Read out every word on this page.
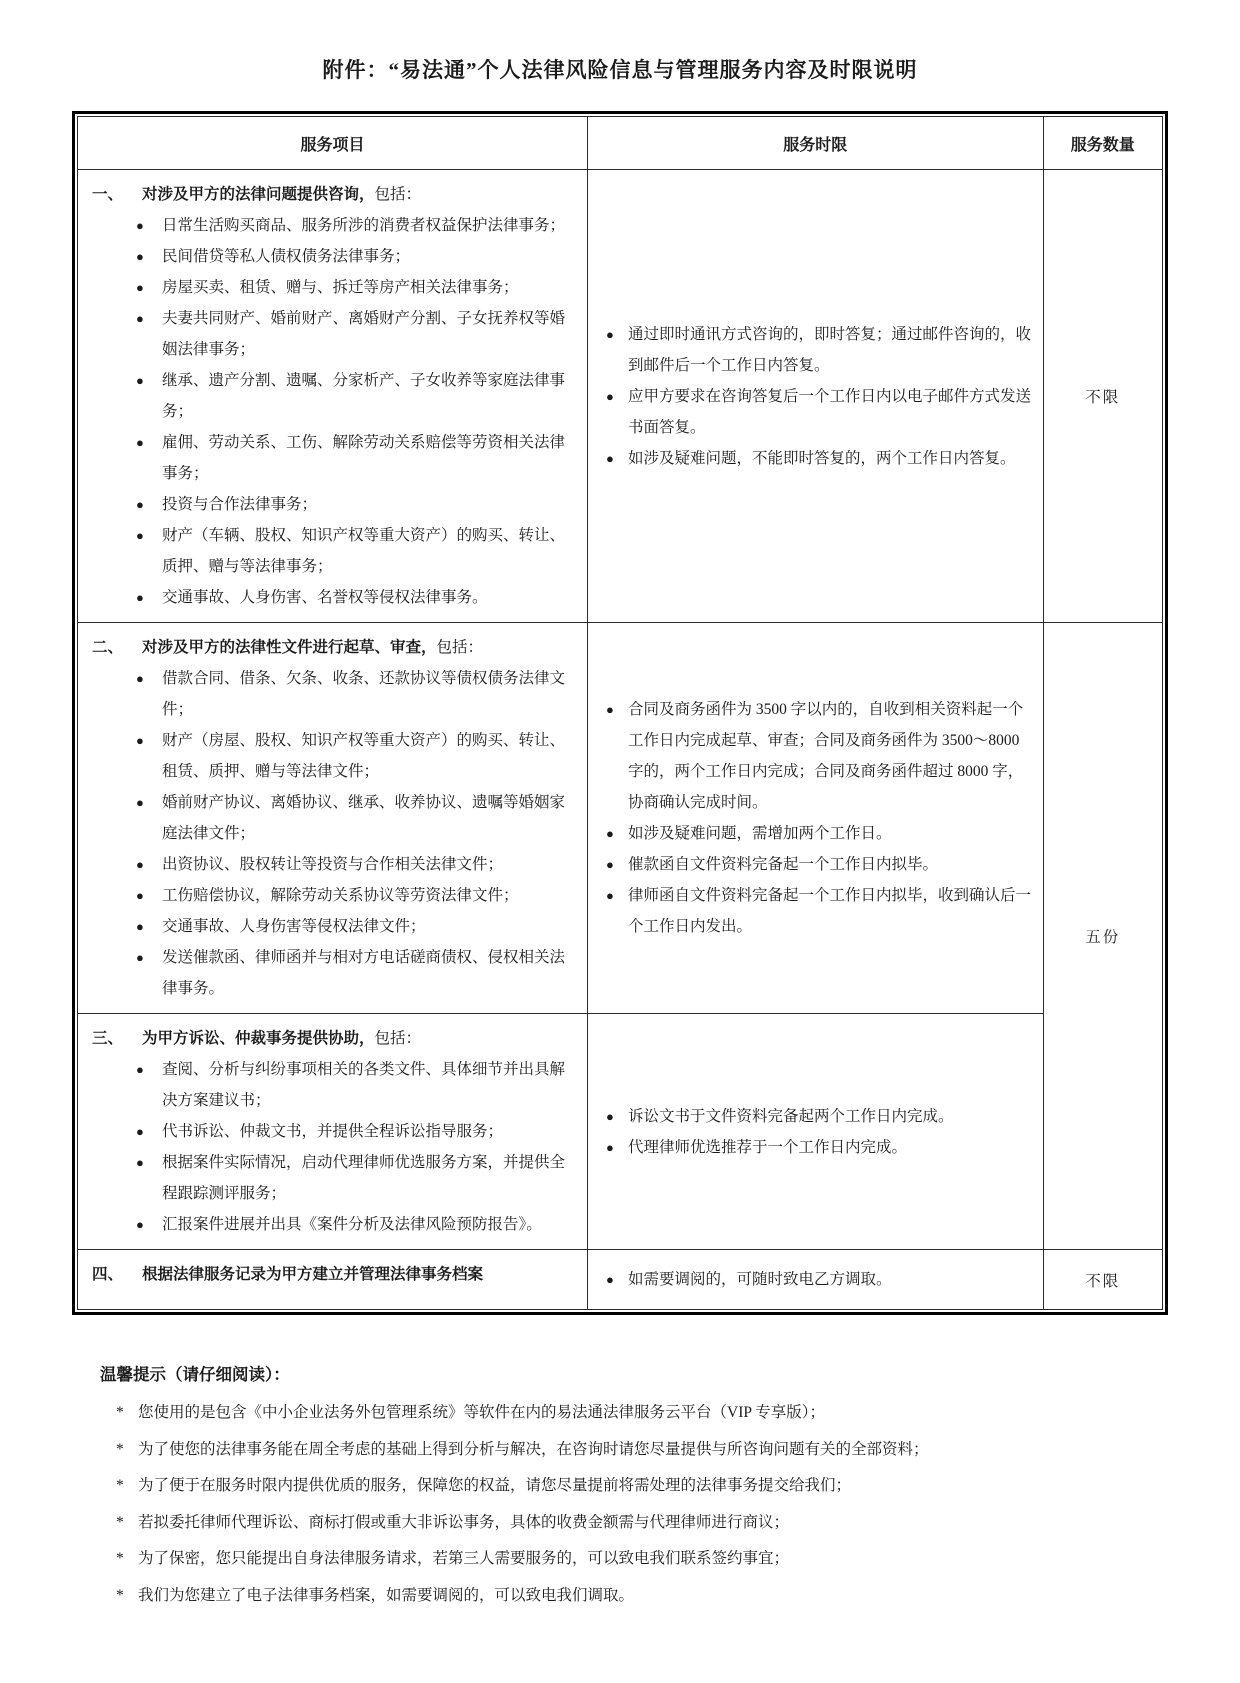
附件：“易法通”个人法律风险信息与管理服务内容及时限说明
服务项目	服务时限	服务数量

一、	对涉及甲方的法律问题提供咨询， 包括：
●	日常生活购买商品、服务所涉的消费者权益保护法律事务；
●	民间借贷等私人债权债务法律事务；
●	房屋买卖、租赁、赠与、拆迁等房产相关法律事务；
●	夫妻共同财产、婚前财产、离婚财产分割、子女抚养权等婚姻法律事务；
●	继承、遗产分割、遗嘱、分家析产、子女收养等家庭法律事务；
●	雇佣、劳动关系、工伤、解除劳动关系赔偿等劳资相关法律事务；
●	投资与合作法律事务；
●	财产（车辆、股权、知识产权等重大资产）的购买、转让、质押、赠与等法律事务；
●	交通事故、人身伤害、名誉权等侵权法律事务。

● 通过即时通讯方式咨询的，即时答复；通过邮件咨询的，收到邮件后一个工作日内答复。
● 应甲方要求在咨询答复后一个工作日内以电子邮件方式发送书面答复。
● 如涉及疑难问题，不能即时答复的，两个工作日内答复。
	不限

二、	对涉及甲方的法律性文件进行起草、审查， 包括：
●	借款合同、借条、欠条、收条、还款协议等债权债务法律文件；
●	财产（房屋、股权、知识产权等重大资产）的购买、转让、租赁、质押、赠与等法律文件；
●	婚前财产协议、离婚协议、继承、收养协议、遗嘱等婚姻家庭法律文件；
●	出资协议、股权转让等投资与合作相关法律文件；
●	工伤赔偿协议，解除劳动关系协议等劳资法律文件；
●	交通事故、人身伤害等侵权法律文件；
●	发送催款函、律师函并与相对方电话磋商债权、侵权相关法律事务。

● 合同及商务函件为 3500 字以内的，自收到相关资料起一个工作日内完成起草、审查；合同及商务函件为 3500～8000 字的，两个工作日内完成；合同及商务函件超过 8000 字，协商确认完成时间。
● 如涉及疑难问题，需增加两个工作日。
● 催款函自文件资料完备起一个工作日内拟毕。
● 律师函自文件资料完备起一个工作日内拟毕，收到确认后一个工作日内发出。
	五份

三、	为甲方诉讼、仲裁事务提供协助， 包括：
●	查阅、分析与纠纷事项相关的各类文件、具体细节并出具解决方案建议书；
●	代书诉讼、仲裁文书，并提供全程诉讼指导服务；
●	根据案件实际情况，启动代理律师优选服务方案，并提供全程跟踪测评服务；
●	汇报案件进展并出具《案件分析及法律风险预防报告》。

● 诉讼文书于文件资料完备起两个工作日内完成。
● 代理律师优选推荐于一个工作日内完成。

四、 根据法律服务记录为甲方建立并管理法律事务档案	● 如需要调阅的，可随时致电乙方调取。	不限
温馨提示（请仔细阅读）：
* 您使用的是包含《中小企业法务外包管理系统》等软件在内的易法通法律服务云平台（VIP 专享版）；
* 为了使您的法律事务能在周全考虑的基础上得到分析与解决，在咨询时请您尽量提供与所咨询问题有关的全部资料；
* 为了便于在服务时限内提供优质的服务，保障您的权益，请您尽量提前将需处理的法律事务提交给我们；
* 若拟委托律师代理诉讼、商标打假或重大非诉讼事务，具体的收费金额需与代理律师进行商议；
* 为了保密，您只能提出自身法律服务请求，若第三人需要服务的，可以致电我们联系签约事宜；
* 我们为您建立了电子法律事务档案，如需要调阅的，可以致电我们调取。
